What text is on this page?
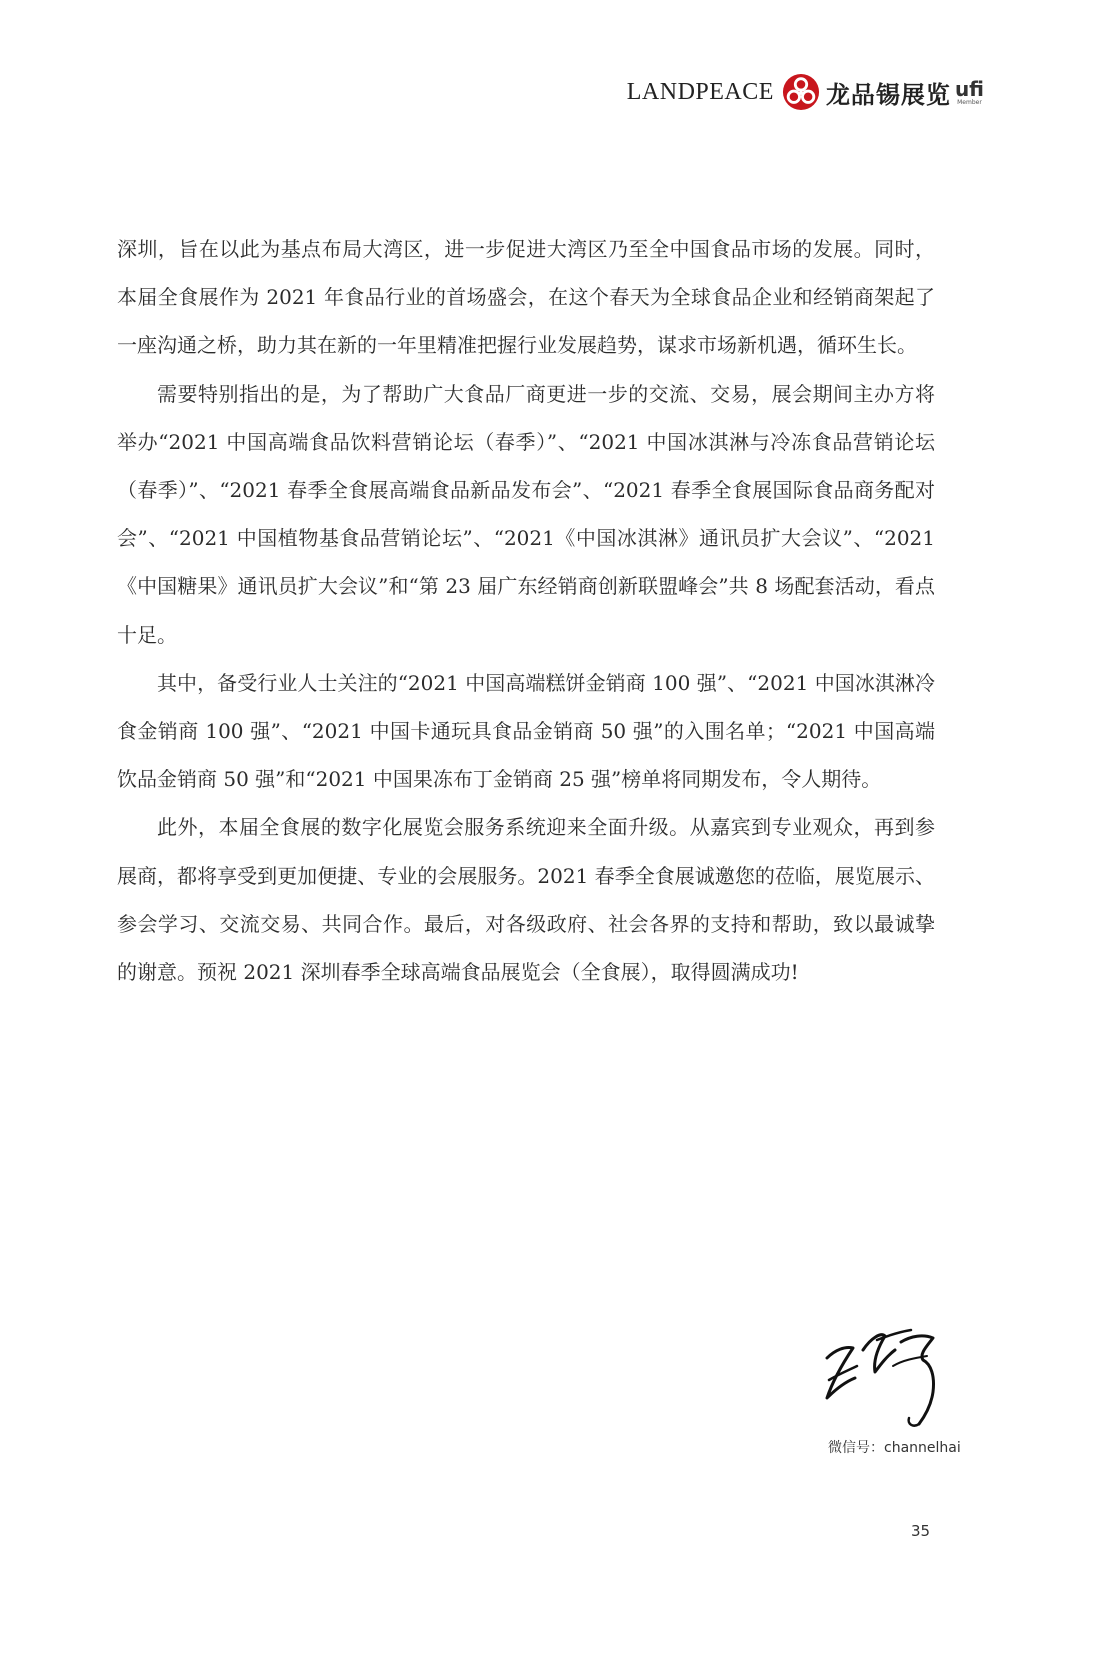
LANDPEACE 龙品锡展览 ufi
Member

深圳，旨在以此为基点布局大湾区，进一步促进大湾区乃至全中国食品市场的发展。同时，本届全食展作为 2021 年食品行业的首场盛会，在这个春天为全球食品企业和经销商架起了一座沟通之桥，助力其在新的一年里精准把握行业发展趋势，谋求市场新机遇，循环生长。

需要特别指出的是，为了帮助广大食品厂商更进一步的交流、交易，展会期间主办方将举办“2021 中国高端食品饮料营销论坛（春季）”、“2021 中国冰淇淋与冷冻食品营销论坛（春季）”、“2021 春季全食展高端食品新品发布会”、“2021 春季全食展国际食品商务配对会”、“2021 中国植物基食品营销论坛”、“2021《中国冰淇淋》通讯员扩大会议”、“2021《中国糖果》通讯员扩大会议”和“第 23 届广东经销商创新联盟峰会”共 8 场配套活动，看点十足。

其中，备受行业人士关注的“2021 中国高端糕饼金销商 100 强”、“2021 中国冰淇淋冷食金销商 100 强”、“2021 中国卡通玩具食品金销商 50 强”的入围名单；“2021 中国高端饮品金销商 50 强”和“2021 中国果冻布丁金销商 25 强”榜单将同期发布，令人期待。

此外，本届全食展的数字化展览会服务系统迎来全面升级。从嘉宾到专业观众，再到参展商，都将享受到更加便捷、专业的会展服务。2021 春季全食展诚邀您的莅临，展览展示、参会学习、交流交易、共同合作。最后，对各级政府、社会各界的支持和帮助，致以最诚挚的谢意。预祝 2021 深圳春季全球高端食品展览会（全食展），取得圆满成功!

微信号：channelhai
35
